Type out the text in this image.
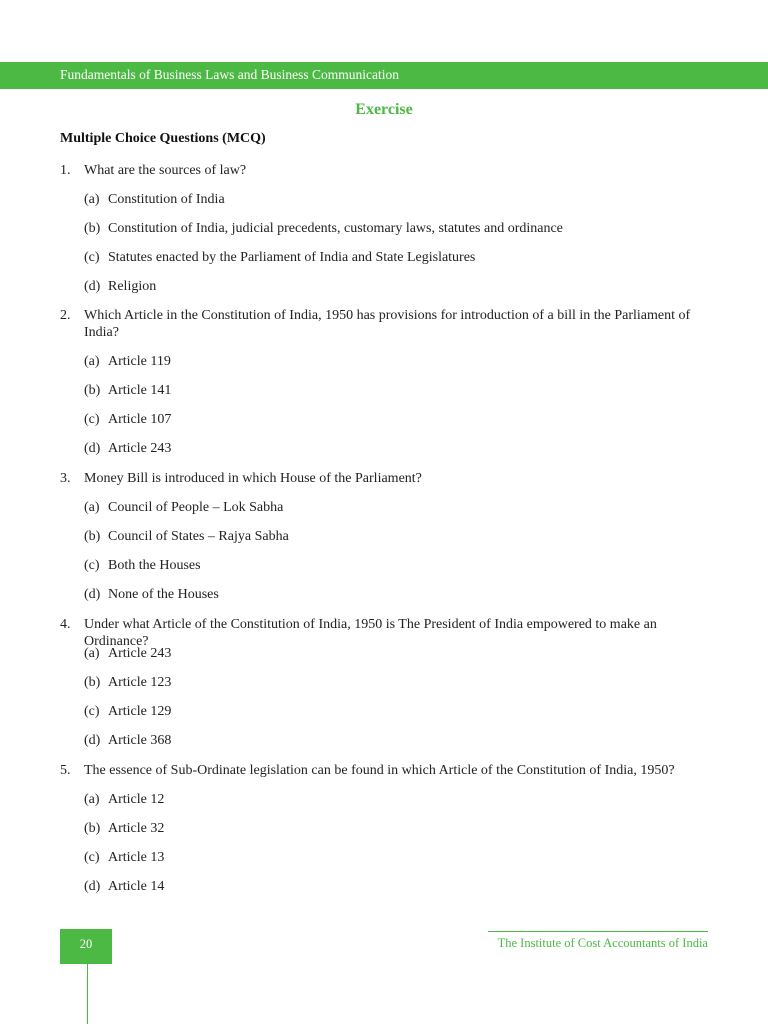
Fundamentals of Business Laws and Business Communication
Exercise
Multiple Choice Questions (MCQ)
1. What are the sources of law?
(a) Constitution of India
(b) Constitution of India, judicial precedents, customary laws, statutes and ordinance
(c) Statutes enacted by the Parliament of India and State Legislatures
(d) Religion
2. Which Article in the Constitution of India, 1950 has provisions for introduction of a bill in the Parliament of India?
(a) Article 119
(b) Article 141
(c) Article 107
(d) Article 243
3. Money Bill is introduced in which House of the Parliament?
(a) Council of People – Lok Sabha
(b) Council of States – Rajya Sabha
(c) Both the Houses
(d) None of the Houses
4. Under what Article of the Constitution of India, 1950 is The President of India empowered to make an Ordinance?
(a) Article 243
(b) Article 123
(c) Article 129
(d) Article 368
5. The essence of Sub-Ordinate legislation can be found in which Article of the Constitution of India, 1950?
(a) Article 12
(b) Article 32
(c) Article 13
(d) Article 14
20	The Institute of Cost Accountants of India
